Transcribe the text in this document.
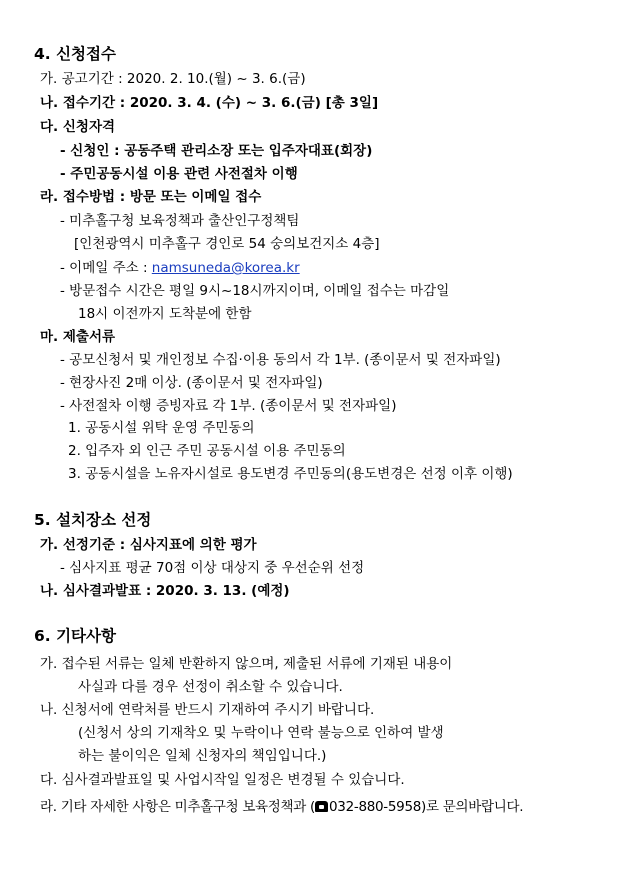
4. 신청접수
가. 공고기간 : 2020. 2. 10.(월) ~ 3. 6.(금)
나. 접수기간 : 2020. 3. 4. (수) ~ 3. 6.(금) [총 3일]
다. 신청자격
- 신청인 : 공동주택 관리소장 또는 입주자대표(회장)
- 주민공동시설 이용 관련 사전절차 이행
라. 접수방법 : 방문 또는 이메일 접수
- 미추홀구청 보육정책과 출산인구정책팀
[인천광역시 미추홀구 경인로 54 숭의보건지소 4층]
- 이메일 주소 : namsuneda@korea.kr
- 방문접수 시간은 평일 9시~18시까지이며, 이메일 접수는 마감일
18시 이전까지 도착분에 한함
마. 제출서류
- 공모신청서 및 개인정보 수집·이용 동의서 각 1부. (종이문서 및 전자파일)
- 현장사진 2매 이상. (종이문서 및 전자파일)
- 사전절차 이행 증빙자료 각 1부. (종이문서 및 전자파일)
1. 공동시설 위탁 운영 주민동의
2. 입주자 외 인근 주민 공동시설 이용 주민동의
3. 공동시설을 노유자시설로 용도변경 주민동의(용도변경은 선정 이후 이행)
5. 설치장소 선정
가. 선정기준 : 심사지표에 의한 평가
- 심사지표 평균 70점 이상 대상지 중 우선순위 선정
나. 심사결과발표 : 2020. 3. 13. (예정)
6. 기타사항
가. 접수된 서류는 일체 반환하지 않으며, 제출된 서류에 기재된 내용이
사실과 다를 경우 선정이 취소할 수 있습니다.
나. 신청서에 연락처를 반드시 기재하여 주시기 바랍니다.
(신청서 상의 기재착오 및 누락이나 연락 불능으로 인하여 발생
하는 불이익은 일체 신청자의 책임입니다.)
다. 심사결과발표일 및 사업시작일 일정은 변경될 수 있습니다.
라. 기타 자세한 사항은 미추홀구청 보육정책과 ( 032-880-5958)로 문의바랍니다.
